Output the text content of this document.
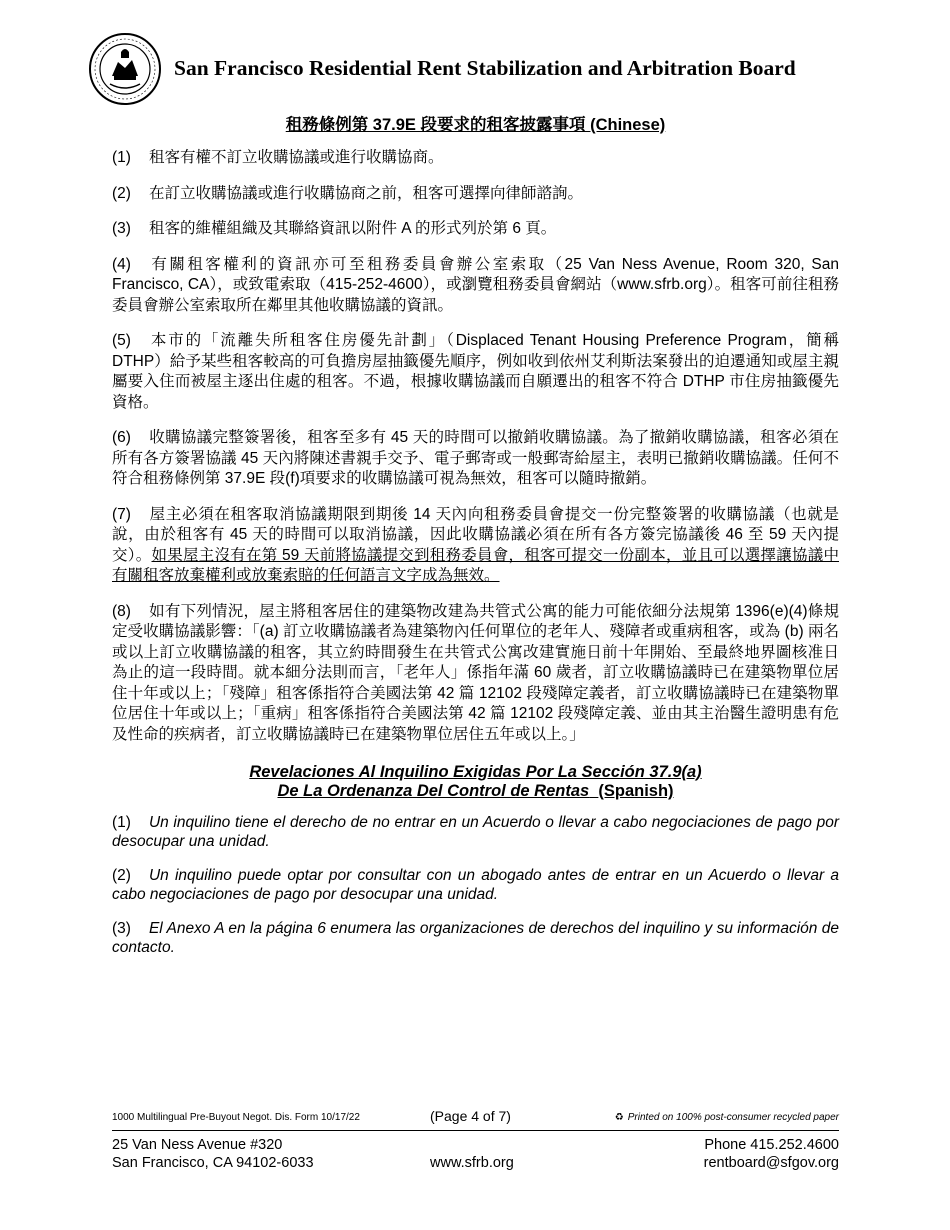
San Francisco Residential Rent Stabilization and Arbitration Board
租務條例第 37.9E 段要求的租客披露事項 (Chinese)
(1) 租客有權不訂立收購協議或進行收購協商。
(2) 在訂立收購協議或進行收購協商之前，租客可選擇向律師諮詢。
(3) 租客的維權組織及其聯絡資訊以附件 A 的形式列於第 6 頁。
(4) 有關租客權利的資訊亦可至租務委員會辦公室索取（25 Van Ness Avenue, Room 320, San Francisco, CA），或致電索取（415-252-4600），或瀏覽租務委員會網站（www.sfrb.org）。租客可前往租務委員會辦公室索取所在鄰里其他收購協議的資訊。
(5) 本市的「流離失所租客住房優先計劃」（Displaced Tenant Housing Preference Program，簡稱 DTHP）給予某些租客較高的可負擔房屋抽籤優先順序，例如收到依州艾利斯法案發出的迫遷通知或屋主親屬要入住而被屋主逐出住處的租客。不過，根據收購協議而自願遷出的租客不符合 DTHP 市住房抽籤優先資格。
(6) 收購協議完整簽署後，租客至多有 45 天的時間可以撤銷收購協議。為了撤銷收購協議，租客必須在所有各方簽署協議 45 天內將陳述書親手交予、電子郵寄或一般郵寄給屋主，表明已撤銷收購協議。任何不符合租務條例第 37.9E 段(f)項要求的收購協議可視為無效，租客可以隨時撤銷。
(7) 屋主必須在租客取消協議期限到期後 14 天內向租務委員會提交一份完整簽署的收購協議（也就是說，由於租客有 45 天的時間可以取消協議，因此收購協議必須在所有各方簽完協議後 46 至 59 天內提交）。如果屋主沒有在第 59 天前將協議提交到租務委員會，租客可提交一份副本，並且可以選擇讓協議中有關租客放棄權利或放棄索賠的任何語言文字成為無效。
(8) 如有下列情況，屋主將租客居住的建築物改建為共管式公寓的能力可能依細分法規第 1396(e)(4)條規定受收購協議影響：「(a) 訂立收購協議者為建築物內任何單位的老年人、殘障者或重病租客，或為 (b) 兩名或以上訂立收購協議的租客，其立約時間發生在共管式公寓改建實施日前十年開始、至最終地界圖核准日為止的這一段時間。就本細分法則而言，「老年人」係指年滿 60 歲者，訂立收購協議時已在建築物單位居住十年或以上；「殘障」租客係指符合美國法第 42 篇 12102 段殘障定義者，訂立收購協議時已在建築物單位居住十年或以上；「重病」租客係指符合美國法第 42 篇 12102 段殘障定義、並由其主治醫生證明患有危及性命的疾病者，訂立收購協議時已在建築物單位居住五年或以上。」
Revelaciones Al Inquilino Exigidas Por La Sección 37.9(a)
De La Ordenanza Del Control de Rentas (Spanish)
(1) Un inquilino tiene el derecho de no entrar en un Acuerdo o llevar a cabo negociaciones de pago por desocupar una unidad.
(2) Un inquilino puede optar por consultar con un abogado antes de entrar en un Acuerdo o llevar a cabo negociaciones de pago por desocupar una unidad.
(3) El Anexo A en la página 6 enumera las organizaciones de derechos del inquilino y su información de contacto.
1000 Multilingual Pre-Buyout Negot. Dis. Form 10/17/22	(Page 4 of 7)	♻ Printed on 100% post-consumer recycled paper
25 Van Ness Avenue #320
San Francisco, CA 94102-6033	www.sfrb.org
Phone 415.252.4600
rentboard@sfgov.org
